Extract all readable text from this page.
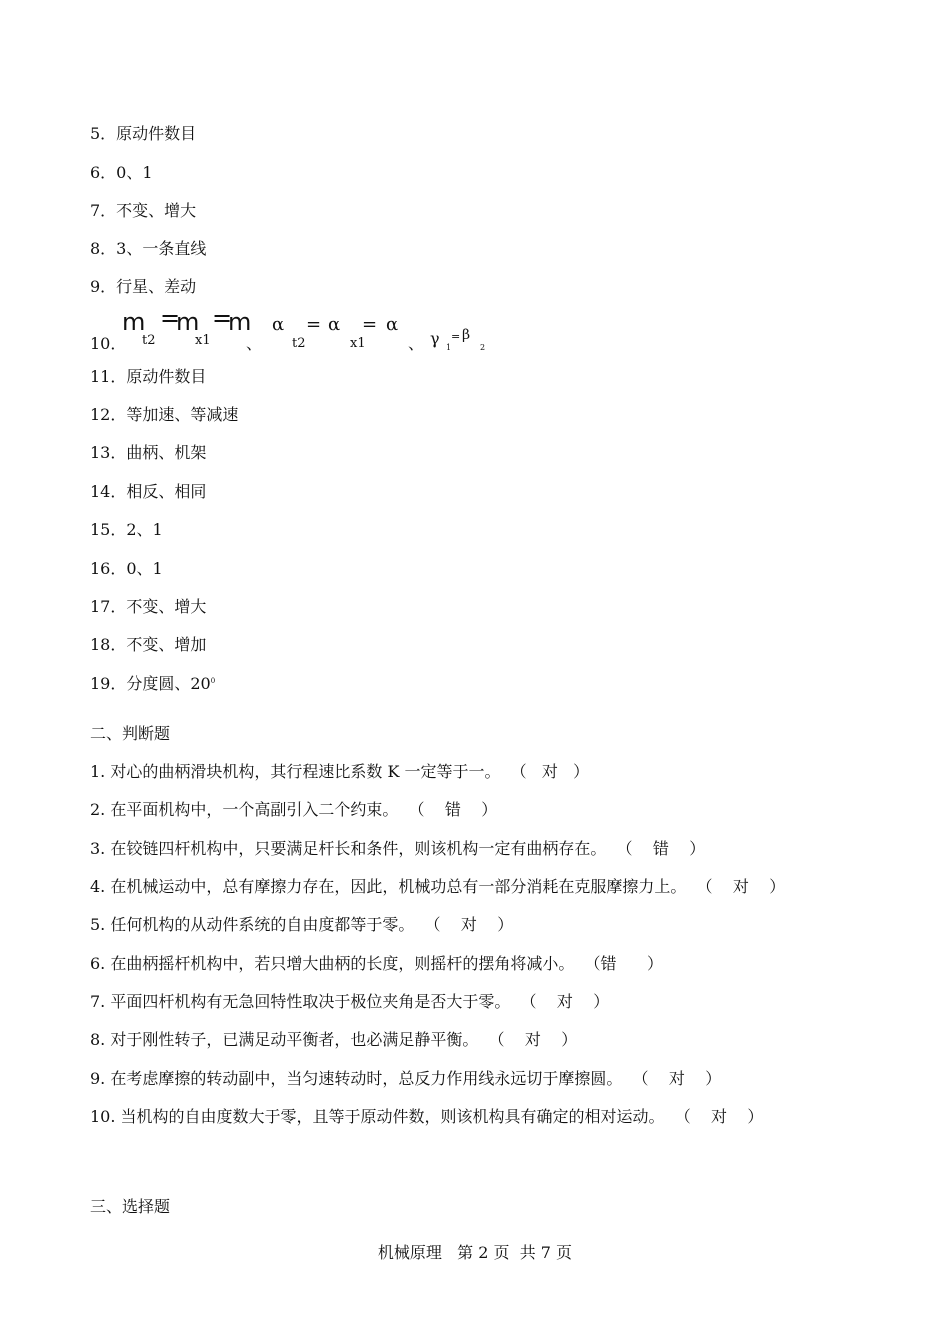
5．原动件数目
6．0、1
7．不变、增大
8．3、一条直线
9．行星、差动
10．
m =
m =
m
t2	x1 、
α = α = α
t2	x1	、 γ 1
= β
2
11．原动件数目
12．等加速、等减速
13．曲柄、机架
14．相反、相同
15．2、1
16．0、1
17．不变、增大
18．不变、增加
19．分度圆、$20^0$
二、判断题
1. 对心的曲柄滑块机构，其行程速比系数 K 一定等于一。  （   对   ）
2. 在平面机构中，一个高副引入二个约束。  （    错    ）
3. 在铰链四杆机构中，只要满足杆长和条件，则该机构一定有曲柄存在。  （    错    ）
4. 在机械运动中，总有摩擦力存在，因此，机械功总有一部分消耗在克服摩擦力上。  （    对    ）
5. 任何机构的从动件系统的自由度都等于零。  （    对    ）
6. 在曲柄摇杆机构中，若只增大曲柄的长度，则摇杆的摆角将减小。  （错      ）
7. 平面四杆机构有无急回特性取决于极位夹角是否大于零。  （    对    ）
8. 对于刚性转子，已满足动平衡者，也必满足静平衡。  （    对    ）
9. 在考虑摩擦的转动副中，当匀速转动时，总反力作用线永远切于摩擦圆。  （    对    ）
10. 当机构的自由度数大于零，且等于原动件数，则该机构具有确定的相对运动。  （    对    ）
三、选择题
机械原理   第 2 页  共 7 页
